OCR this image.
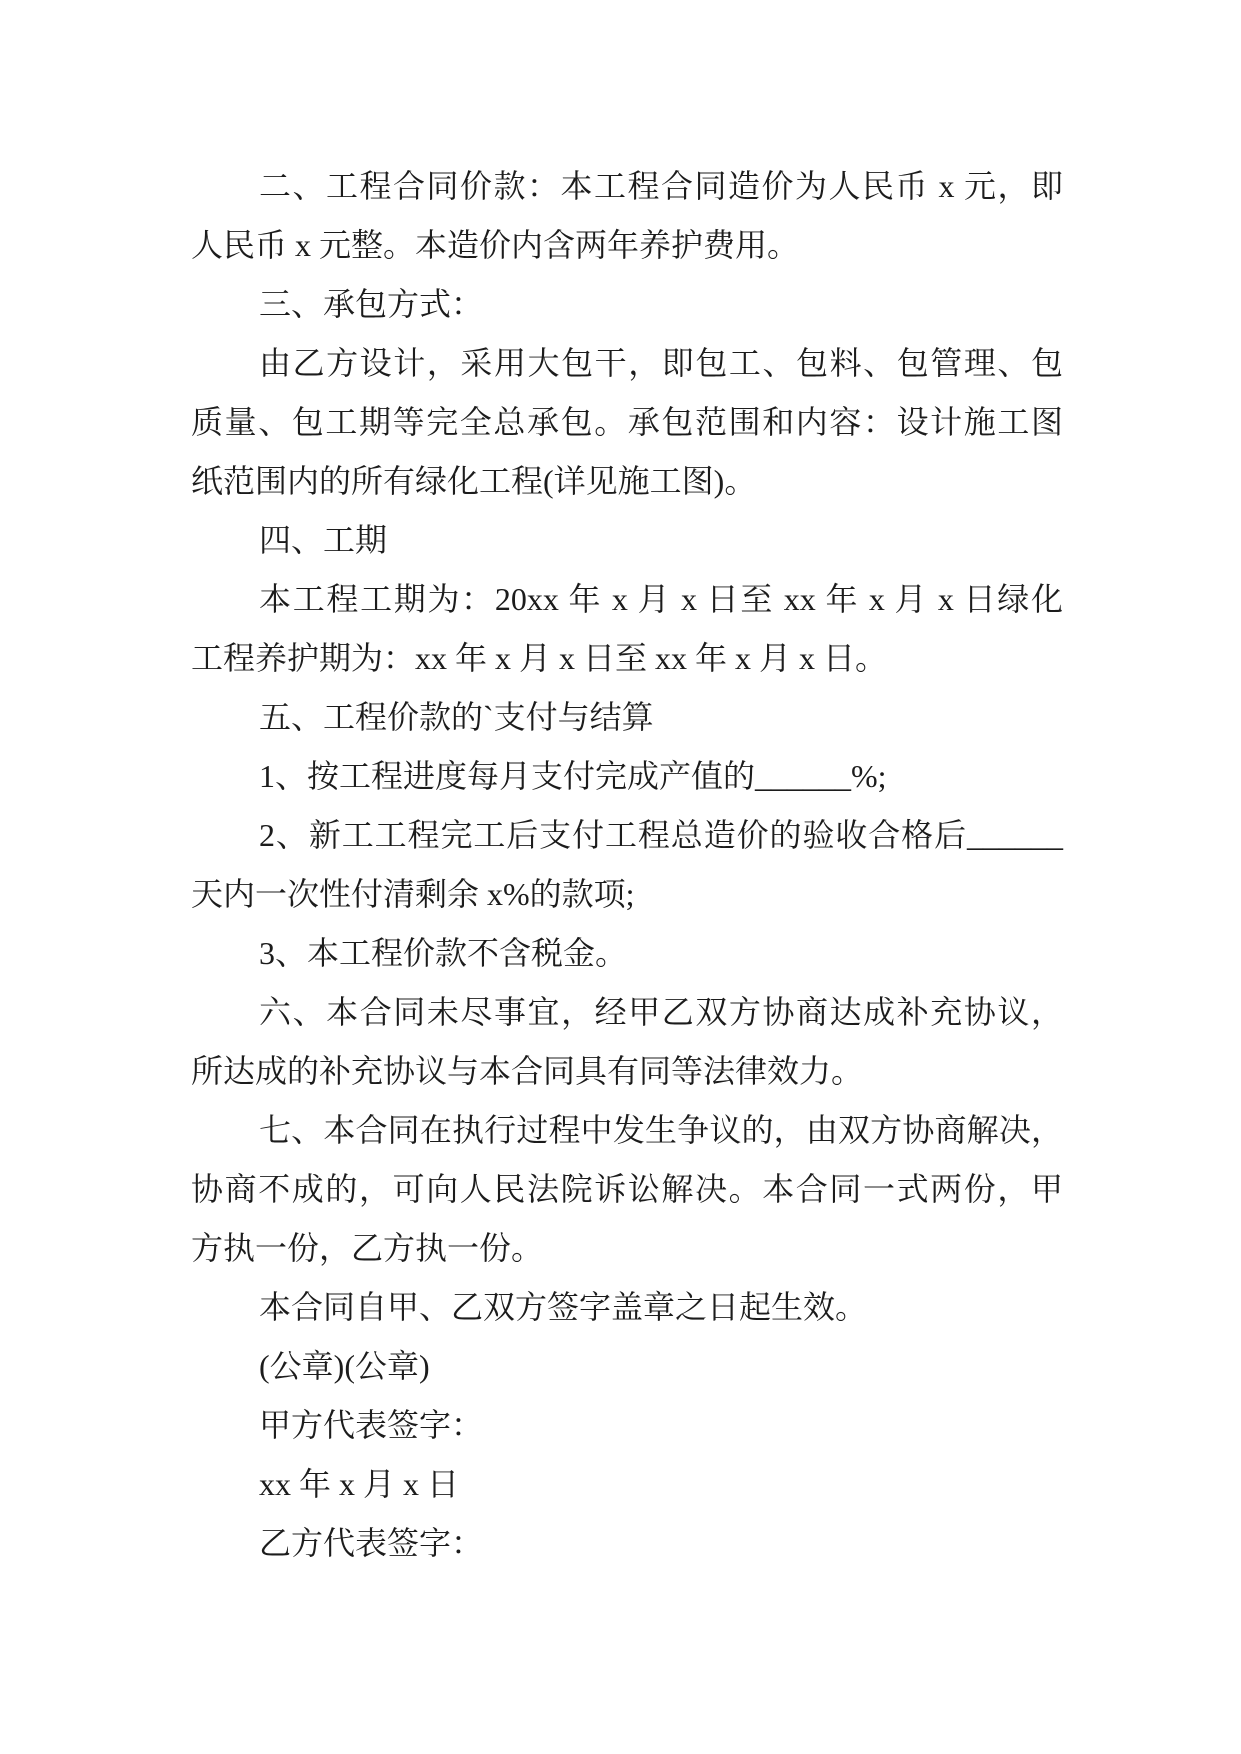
二、工程合同价款：本工程合同造价为人民币 x 元，即
人民币 x 元整。本造价内含两年养护费用。
三、承包方式：
由乙方设计，采用大包干，即包工、包料、包管理、包
质量、包工期等完全总承包。承包范围和内容：设计施工图
纸范围内的所有绿化工程(详见施工图)。
四、工期
本工程工期为：20xx 年 x 月 x 日至 xx 年 x 月 x 日绿化
工程养护期为：xx 年 x 月 x 日至 xx 年 x 月 x 日。
五、工程价款的`支付与结算
1、按工程进度每月支付完成产值的______%;
2、新工工程完工后支付工程总造价的验收合格后______
天内一次性付清剩余 x%的款项;
3、本工程价款不含税金。
六、本合同未尽事宜，经甲乙双方协商达成补充协议，
所达成的补充协议与本合同具有同等法律效力。
七、本合同在执行过程中发生争议的，由双方协商解决，
协商不成的，可向人民法院诉讼解决。本合同一式两份，甲
方执一份，乙方执一份。
本合同自甲、乙双方签字盖章之日起生效。
(公章)(公章)
甲方代表签字：
xx 年 x 月 x 日
乙方代表签字：
